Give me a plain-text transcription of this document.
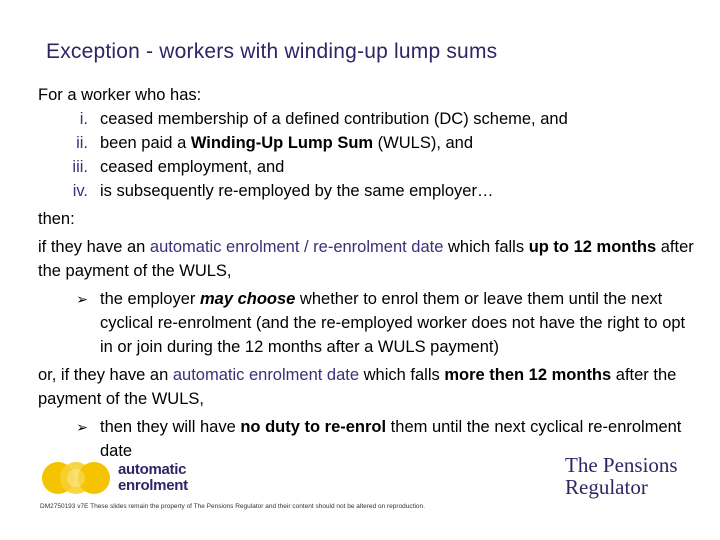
Exception - workers with winding-up lump sums

For a worker who has:

i. ceased membership of a defined contribution (DC) scheme, and
ii. been paid a Winding-Up Lump Sum (WULS), and
iii. ceased employment, and
iv. is subsequently re-employed by the same employer…

then:

if they have an automatic enrolment / re-enrolment date which falls up to 12 months after the payment of the WULS,

➢ the employer may choose whether to enrol them or leave them until the next cyclical re-enrolment (and the re-employed worker does not have the right to opt in or join during the 12 months after a WULS payment)

or, if they have an automatic enrolment date which falls more then 12 months after the payment of the WULS,

➢ then they will have no duty to re-enrol them until the next cyclical re-enrolment date
automatic
enrolment
The Pensions
Regulator
DM2750193 v7E These slides remain the property of The Pensions Regulator and their content should not be altered on reproduction.
